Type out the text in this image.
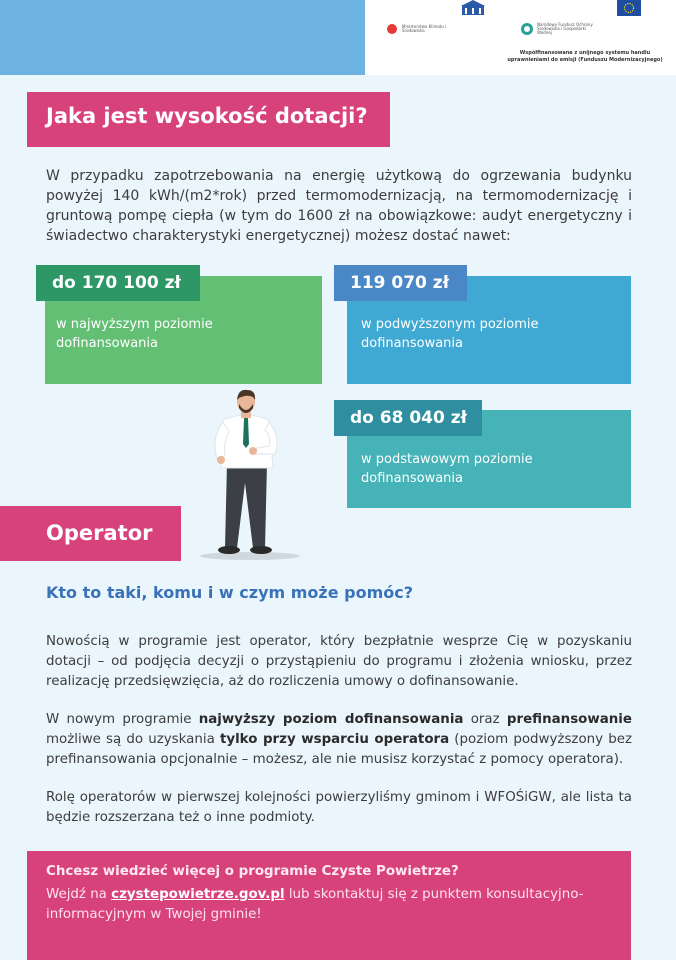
Ministerstwo Klimatu i Środowiska
Narodowy Fundusz Ochrony Środowiska i Gospodarki Wodnej
Współfinansowane z unijnego systemu handlu
uprawnieniami do emisji (Funduszu Modernizacyjnego)
Jaka jest wysokość dotacji?
W przypadku zapotrzebowania na energię użytkową do ogrzewania budynku powyżej 140 kWh/(m2*rok) przed termomodernizacją, na termomodernizację i gruntową pompę ciepła (w tym do 1600 zł na obowiązkowe: audyt energetyczny i świadectwo charakterystyki energetycznej) możesz dostać nawet:
do 170 100 zł
w najwyższym poziomie dofinansowania
119 070 zł
w podwyższonym poziomie dofinansowania
do 68 040 zł
w podstawowym poziomie dofinansowania
Operator
Kto to taki, komu i w czym może pomóc?
Nowością w programie jest operator, który bezpłatnie wesprze Cię w pozyskaniu dotacji – od podjęcia decyzji o przystąpieniu do programu i złożenia wniosku, przez realizację przedsięwzięcia, aż do rozliczenia umowy o dofinansowanie.
W nowym programie najwyższy poziom dofinansowania oraz prefinansowanie możliwe są do uzyskania tylko przy wsparciu operatora (poziom podwyższony bez prefinansowania opcjonalnie – możesz, ale nie musisz korzystać z pomocy operatora).
Rolę operatorów w pierwszej kolejności powierzyliśmy gminom i WFOŚiGW, ale lista ta będzie rozszerzana też o inne podmioty.
Chcesz wiedzieć więcej o programie Czyste Powietrze?
Wejdź na czystepowietrze.gov.pl lub skontaktuj się z punktem konsultacyjno-informacyjnym w Twojej gminie!
